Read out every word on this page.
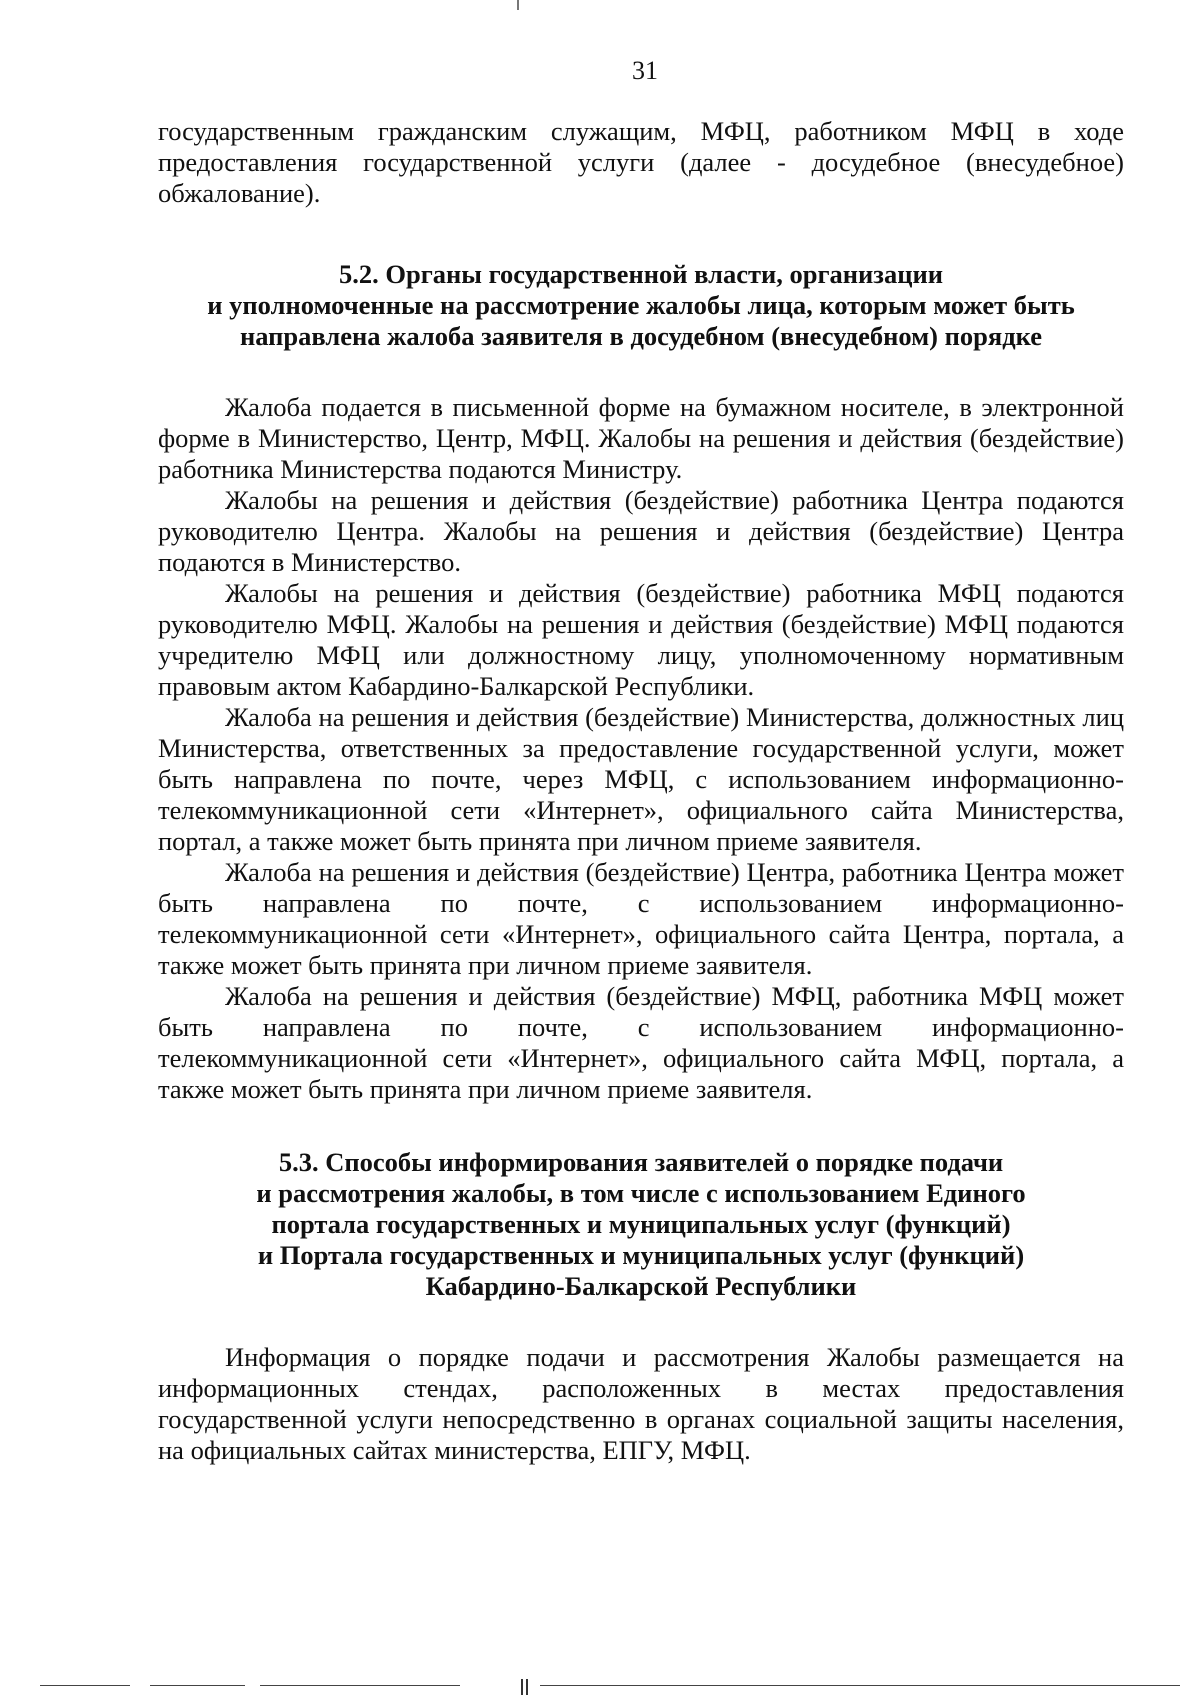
31

государственным гражданским служащим, МФЦ, работником МФЦ в ходе предоставления государственной услуги (далее - досудебное (внесудебное) обжалование).

5.2. Органы государственной власти, организации
и уполномоченные на рассмотрение жалобы лица, которым может быть
направлена жалоба заявителя в досудебном (внесудебном) порядке

Жалоба подается в письменной форме на бумажном носителе, в электронной форме в Министерство, Центр, МФЦ. Жалобы на решения и действия (бездействие) работника Министерства подаются Министру.

Жалобы на решения и действия (бездействие) работника Центра подаются руководителю Центра. Жалобы на решения и действия (бездействие) Центра подаются в Министерство.

Жалобы на решения и действия (бездействие) работника МФЦ подаются руководителю МФЦ. Жалобы на решения и действия (бездействие) МФЦ подаются учредителю МФЦ или должностному лицу, уполномоченному нормативным правовым актом Кабардино-Балкарской Республики.

Жалоба на решения и действия (бездействие) Министерства, должностных лиц Министерства, ответственных за предоставление государственной услуги, может быть направлена по почте, через МФЦ, с использованием информационно-телекоммуникационной сети «Интернет», официального сайта Министерства, портал, а также может быть принята при личном приеме заявителя.

Жалоба на решения и действия (бездействие) Центра, работника Центра может быть направлена по почте, с использованием информационно-телекоммуникационной сети «Интернет», официального сайта Центра, портала, а также может быть принята при личном приеме заявителя.

Жалоба на решения и действия (бездействие) МФЦ, работника МФЦ может быть направлена по почте, с использованием информационно-телекоммуникационной сети «Интернет», официального сайта МФЦ, портала, а также может быть принята при личном приеме заявителя.

5.3. Способы информирования заявителей о порядке подачи
и рассмотрения жалобы, в том числе с использованием Единого
портала государственных и муниципальных услуг (функций)
и Портала государственных и муниципальных услуг (функций)
Кабардино-Балкарской Республики

Информация о порядке подачи и рассмотрения Жалобы размещается на информационных стендах, расположенных в местах предоставления государственной услуги непосредственно в органах социальной защиты населения, на официальных сайтах министерства, ЕПГУ, МФЦ.
